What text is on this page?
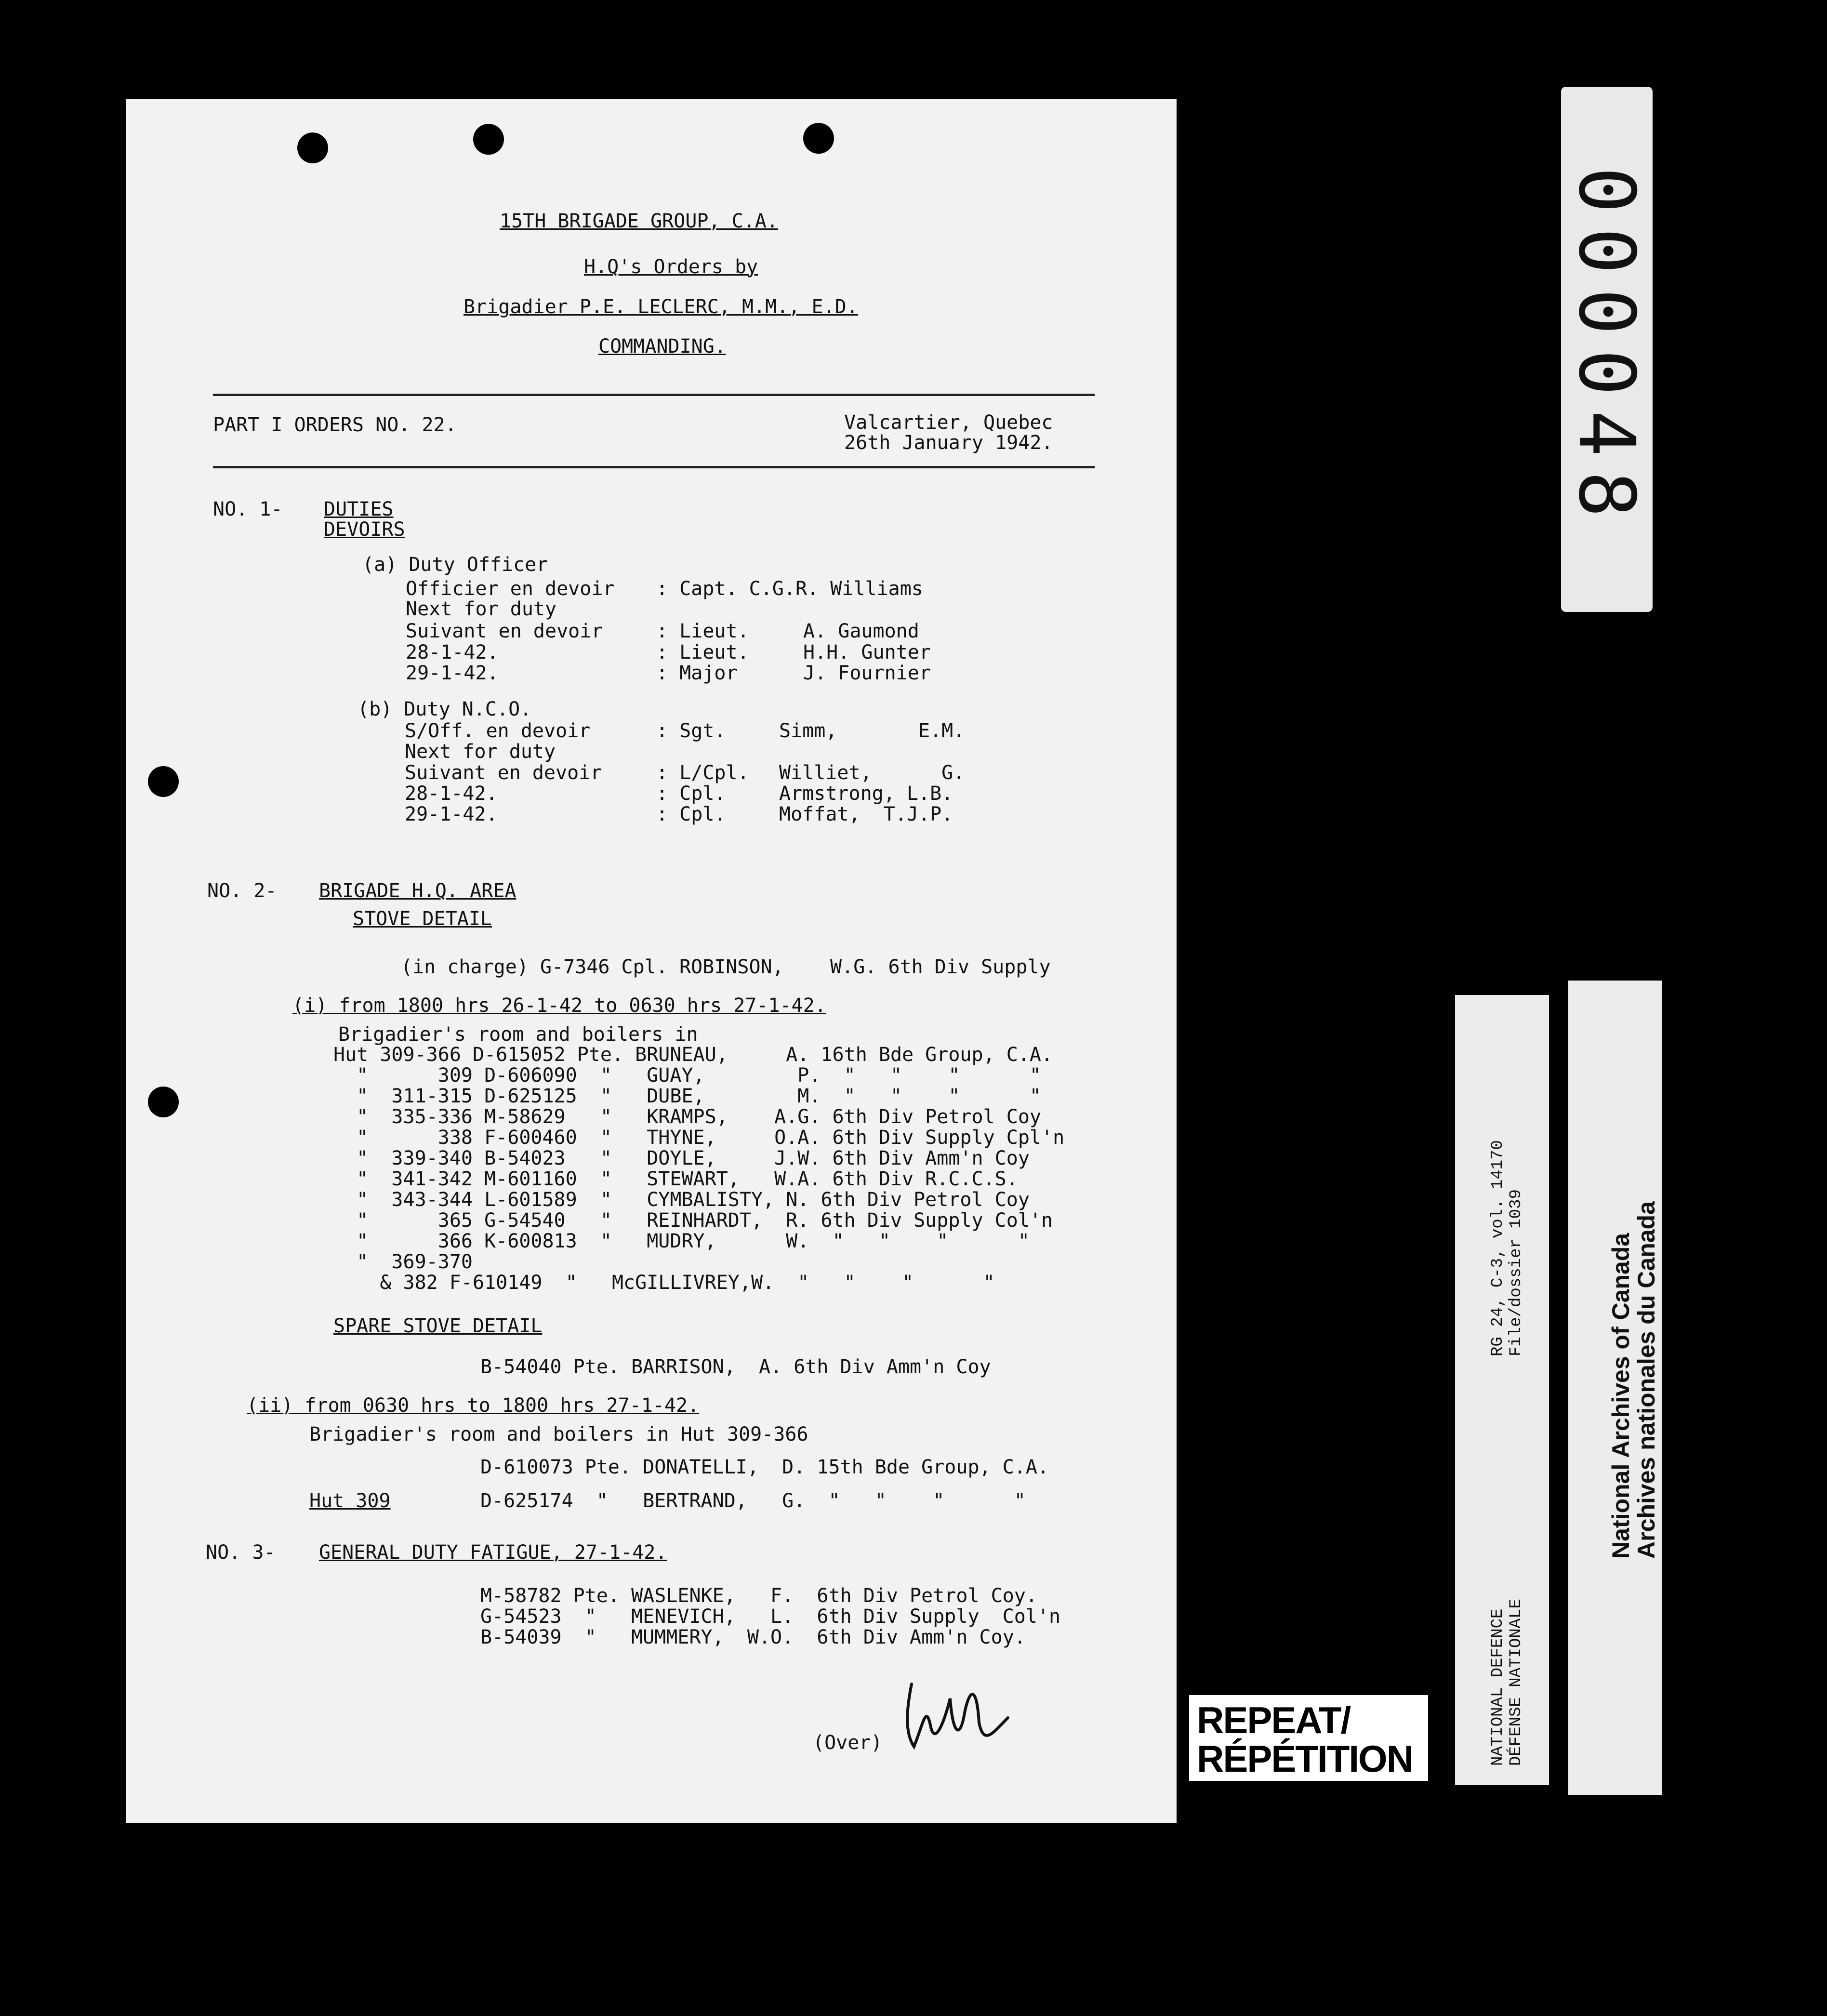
15TH BRIGADE GROUP, C.A.
H.Q's Orders by
Brigadier P.E. LECLERC, M.M., E.D.
COMMANDING.
PART I ORDERS NO. 22.	Valcartier, Quebec
26th January 1942.
NO. 1- DUTIES
DEVOIRS
(a) Duty Officer
Officier en devoir : Capt. C.G.R. Williams
Next for duty
Suivant en devoir	: Lieut.	A. Gaumond
28-1-42.	: Lieut.	H.H. Gunter
29-1-42.	: Major	J. Fournier
(b) Duty N.C.O.
S/Off. en devoir	: Sgt.	Simm,       E.M.
Next for duty
Suivant en devoir	: L/Cpl. Williet,      G.
28-1-42.	: Cpl.	Armstrong, L.B.
29-1-42.	: Cpl.	Moffat,  T.J.P.
NO. 2- BRIGADE H.Q. AREA
STOVE DETAIL
(in charge) G-7346 Cpl. ROBINSON,    W.G. 6th Div Supply
(i) from 1800 hrs 26-1-42 to 0630 hrs 27-1-42.
Brigadier's room and boilers in
Hut 309-366 D-615052 Pte. BRUNEAU,     A. 16th Bde Group, C.A.
"      309 D-606090  "   GUAY,        P.  "   "    "      "
"  311-315 D-625125  "   DUBE,        M.  "   "    "      "
"  335-336 M-58629   "   KRAMPS,    A.G. 6th Div Petrol Coy
"      338 F-600460  "   THYNE,     O.A. 6th Div Supply Cpl'n
"  339-340 B-54023   "   DOYLE,     J.W. 6th Div Amm'n Coy
"  341-342 M-601160  "   STEWART,   W.A. 6th Div R.C.C.S.
"  343-344 L-601589  "   CYMBALISTY, N. 6th Div Petrol Coy
"      365 G-54540   "   REINHARDT,  R. 6th Div Supply Col'n
"      366 K-600813  "   MUDRY,      W.  "   "    "      "
"  369-370
& 382 F-610149  "   McGILLIVREY,W.  "   "    "      "
SPARE STOVE DETAIL
B-54040 Pte. BARRISON,  A. 6th Div Amm'n Coy
(ii) from 0630 hrs to 1800 hrs 27-1-42.
Brigadier's room and boilers in Hut 309-366
D-610073 Pte. DONATELLI,  D. 15th Bde Group, C.A.
Hut 309	D-625174  "   BERTRAND,   G.  "   "    "      "
NO. 3- GENERAL DUTY FATIGUE, 27-1-42.
M-58782 Pte. WASLENKE,   F.  6th Div Petrol Coy.
G-54523  "   MENEVICH,   L.  6th Div Supply  Col'n
B-54039  "   MUMMERY,  W.O.  6th Div Amm'n Coy.
(Over)
000048
RG 24, C-3, vol. 14170 File/dossier 1039
NATIONAL DEFENCE DÉFENSE NATIONALE
National Archives of Canada
Archives nationales du Canada
REPEAT/
RÉPÉTITION
